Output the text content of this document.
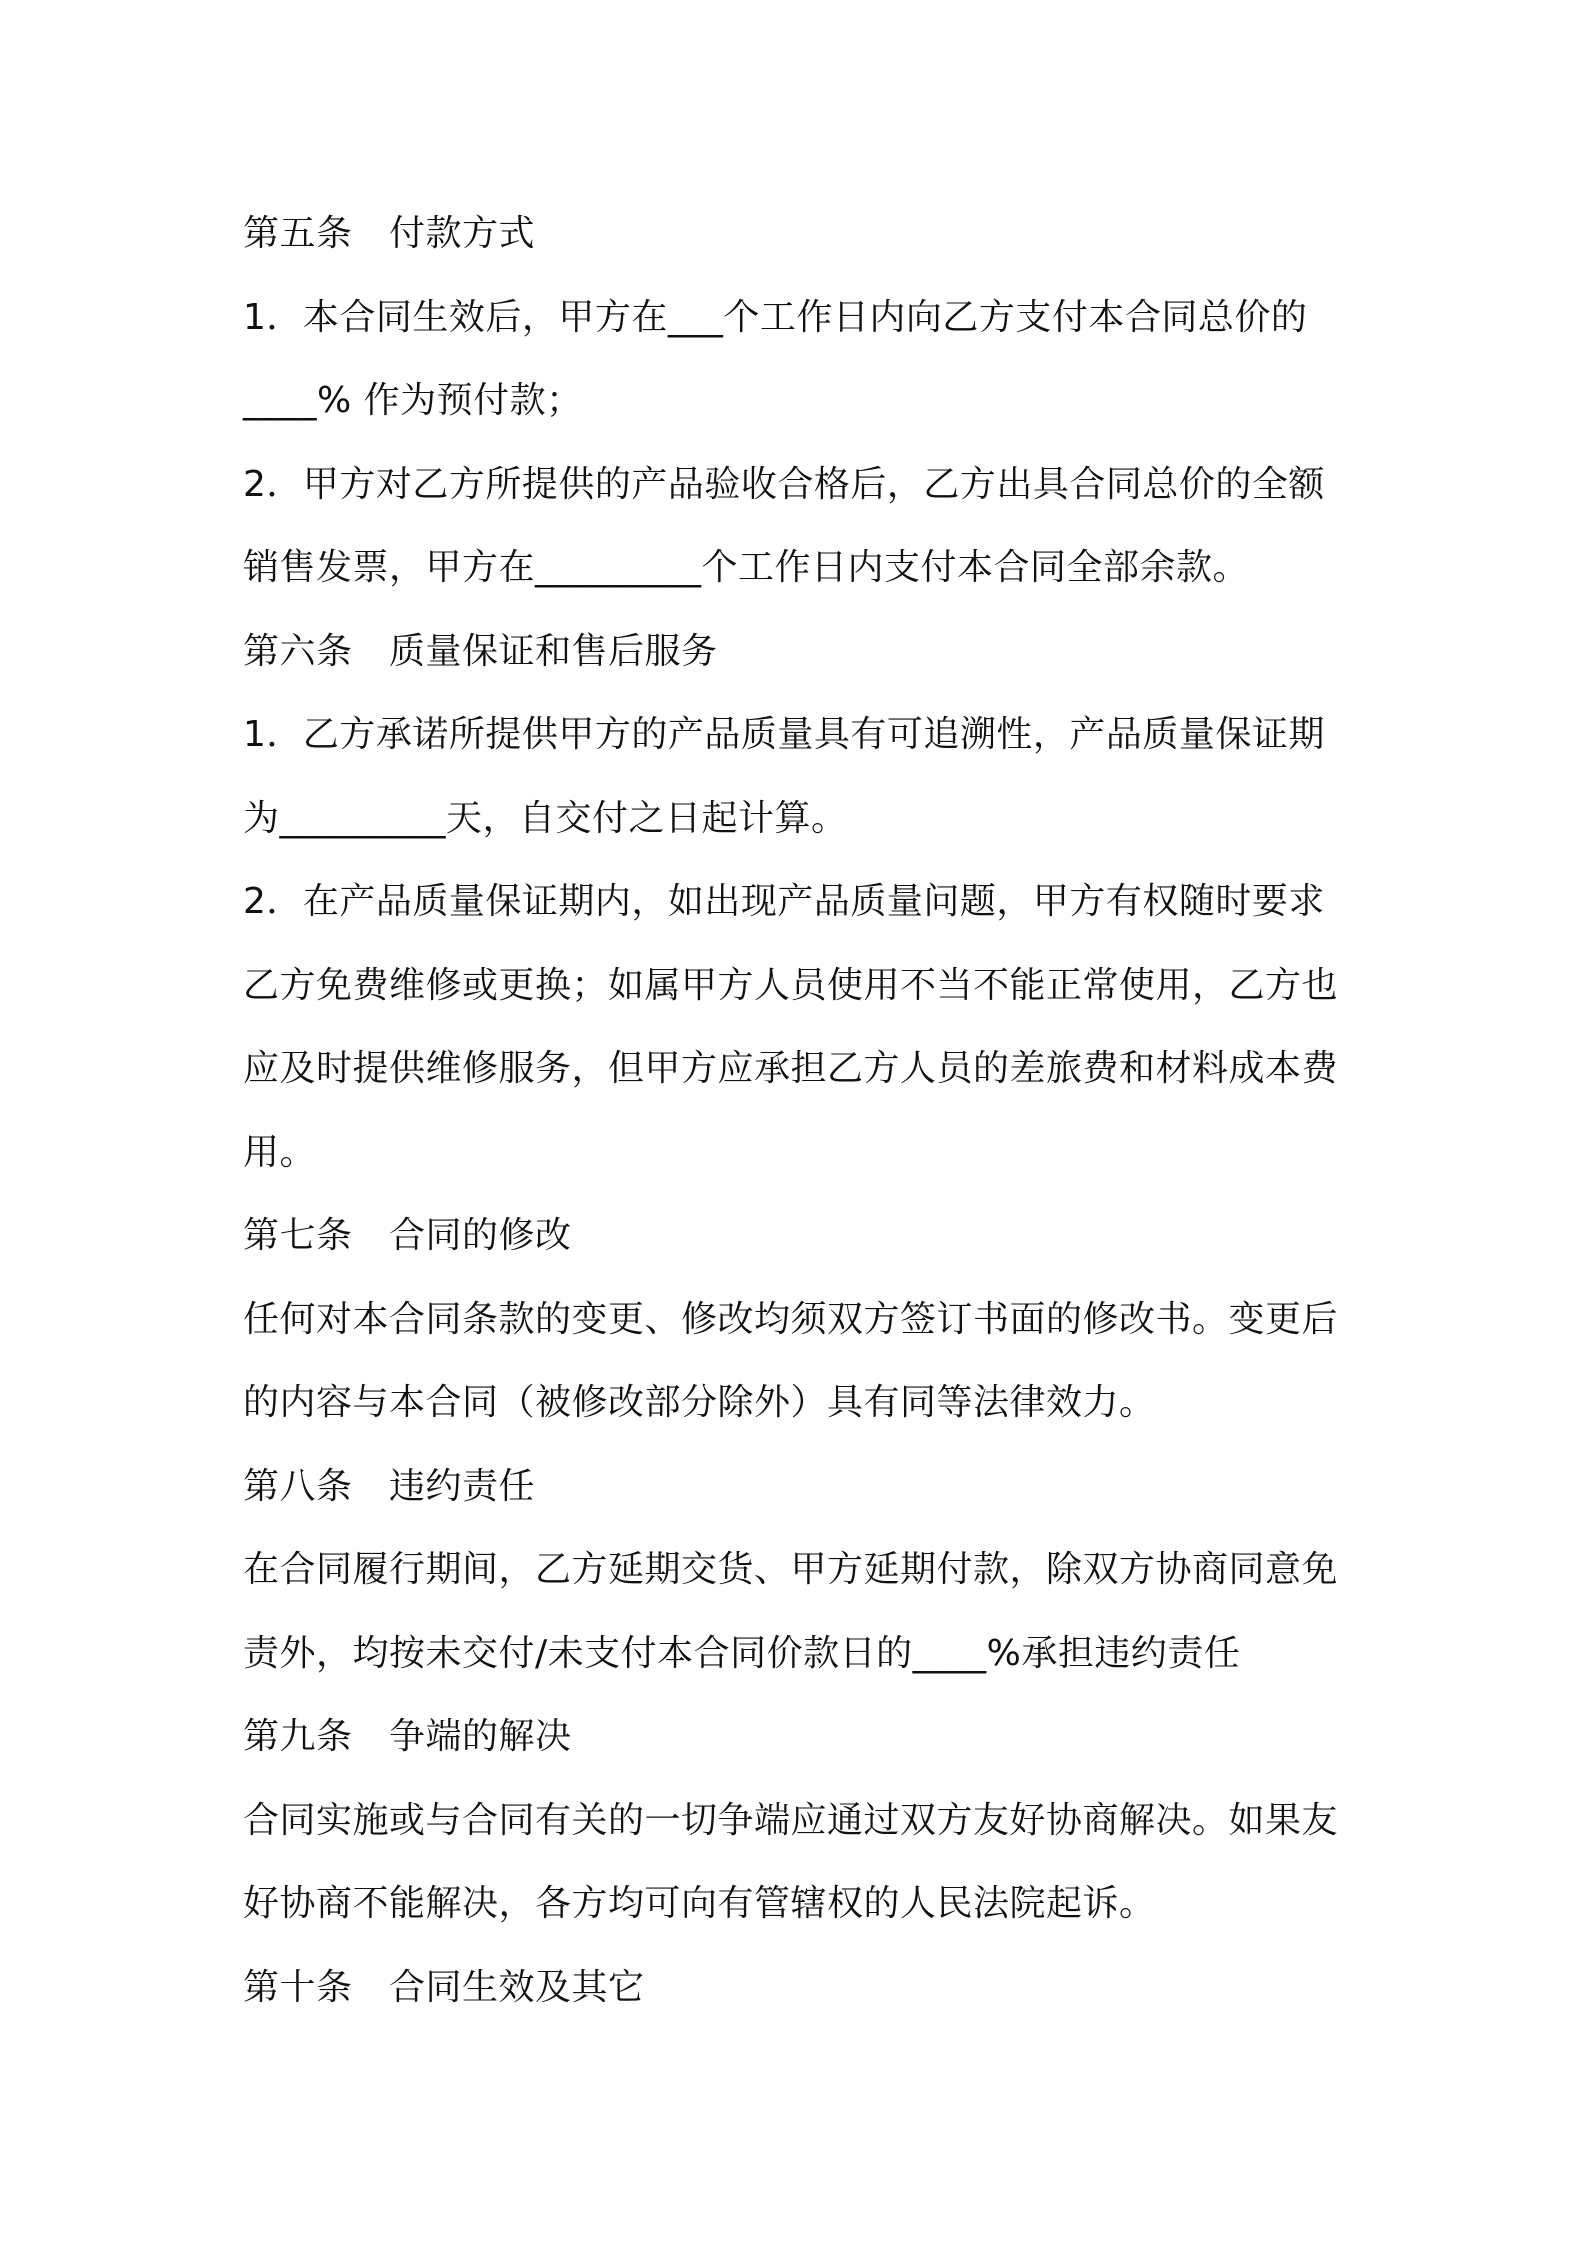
第五条　付款方式
1．本合同生效后，甲方在___个工作日内向乙方支付本合同总价的
____% 作为预付款；
2．甲方对乙方所提供的产品验收合格后，乙方出具合同总价的全额
销售发票，甲方在_________个工作日内支付本合同全部余款。
第六条　质量保证和售后服务
1．乙方承诺所提供甲方的产品质量具有可追溯性，产品质量保证期
为_________天，自交付之日起计算。
2．在产品质量保证期内，如出现产品质量问题，甲方有权随时要求
乙方免费维修或更换；如属甲方人员使用不当不能正常使用，乙方也
应及时提供维修服务，但甲方应承担乙方人员的差旅费和材料成本费
用。
第七条　合同的修改
任何对本合同条款的变更、修改均须双方签订书面的修改书。变更后
的内容与本合同（被修改部分除外）具有同等法律效力。
第八条　违约责任
在合同履行期间，乙方延期交货、甲方延期付款，除双方协商同意免
责外，均按未交付/未支付本合同价款日的____%承担违约责任
第九条　争端的解决
合同实施或与合同有关的一切争端应通过双方友好协商解决。如果友
好协商不能解决，各方均可向有管辖权的人民法院起诉。
第十条　合同生效及其它
